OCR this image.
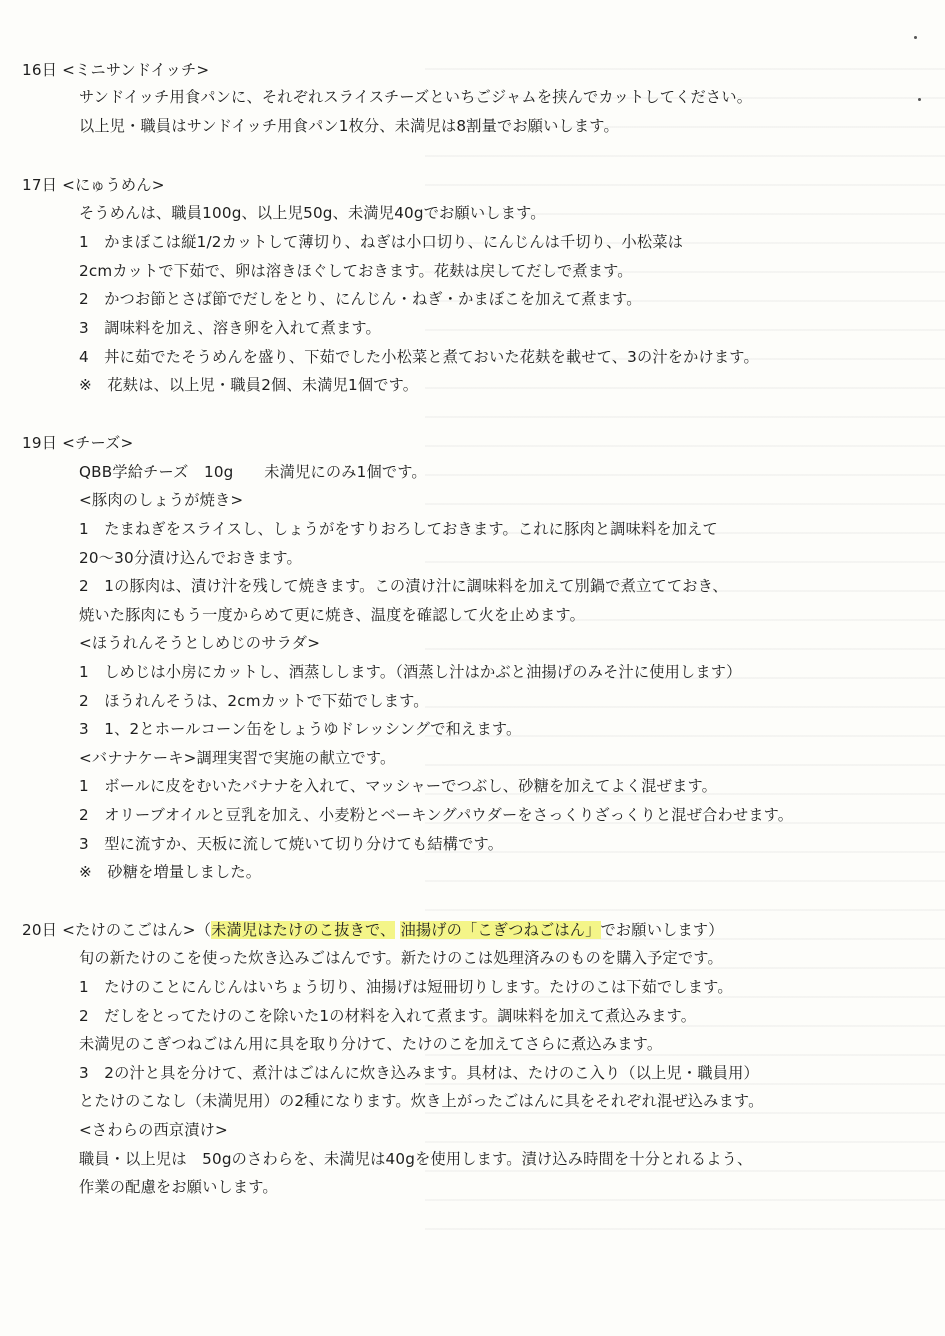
16日 <ミニサンドイッチ>
サンドイッチ用食パンに、それぞれスライスチーズといちごジャムを挟んでカットしてください。
以上児・職員はサンドイッチ用食パン1枚分、未満児は8割量でお願いします。
17日 <にゅうめん>
そうめんは、職員100g、以上児50g、未満児40gでお願いします。
1　かまぼこは縦1/2カットして薄切り、ねぎは小口切り、にんじんは千切り、小松菜は
2cmカットで下茹で、卵は溶きほぐしておきます。花麸は戻してだしで煮ます。
2　かつお節とさば節でだしをとり、にんじん・ねぎ・かまぼこを加えて煮ます。
3　調味料を加え、溶き卵を入れて煮ます。
4　丼に茹でたそうめんを盛り、下茹でした小松菜と煮ておいた花麸を載せて、3の汁をかけます。
※　花麸は、以上児・職員2個、未満児1個です。
19日 <チーズ>
QBB学給チーズ　10g　　未満児にのみ1個です。
<豚肉のしょうが焼き>
1　たまねぎをスライスし、しょうがをすりおろしておきます。これに豚肉と調味料を加えて
20〜30分漬け込んでおきます。
2　1の豚肉は、漬け汁を残して焼きます。この漬け汁に調味料を加えて別鍋で煮立てておき、
焼いた豚肉にもう一度からめて更に焼き、温度を確認して火を止めます。
<ほうれんそうとしめじのサラダ>
1　しめじは小房にカットし、酒蒸しします。（酒蒸し汁はかぶと油揚げのみそ汁に使用します）
2　ほうれんそうは、2cmカットで下茹でします。
3　1、2とホールコーン缶をしょうゆドレッシングで和えます。
<バナナケーキ>調理実習で実施の献立です。
1　ボールに皮をむいたバナナを入れて、マッシャーでつぶし、砂糖を加えてよく混ぜます。
2　オリーブオイルと豆乳を加え、小麦粉とベーキングパウダーをさっくりざっくりと混ぜ合わせます。
3　型に流すか、天板に流して焼いて切り分けても結構です。
※　砂糖を増量しました。
20日 <たけのこごはん>（未満児はたけのこ抜きで、 油揚げの「こぎつねごはん」でお願いします）
旬の新たけのこを使った炊き込みごはんです。新たけのこは処理済みのものを購入予定です。
1　たけのことにんじんはいちょう切り、油揚げは短冊切りします。たけのこは下茹でします。
2　だしをとってたけのこを除いた1の材料を入れて煮ます。調味料を加えて煮込みます。
未満児のこぎつねごはん用に具を取り分けて、たけのこを加えてさらに煮込みます。
3　2の汁と具を分けて、煮汁はごはんに炊き込みます。具材は、たけのこ入り（以上児・職員用）
とたけのこなし（未満児用）の2種になります。炊き上がったごはんに具をそれぞれ混ぜ込みます。
<さわらの西京漬け>
職員・以上児は　50gのさわらを、未満児は40gを使用します。漬け込み時間を十分とれるよう、
作業の配慮をお願いします。
